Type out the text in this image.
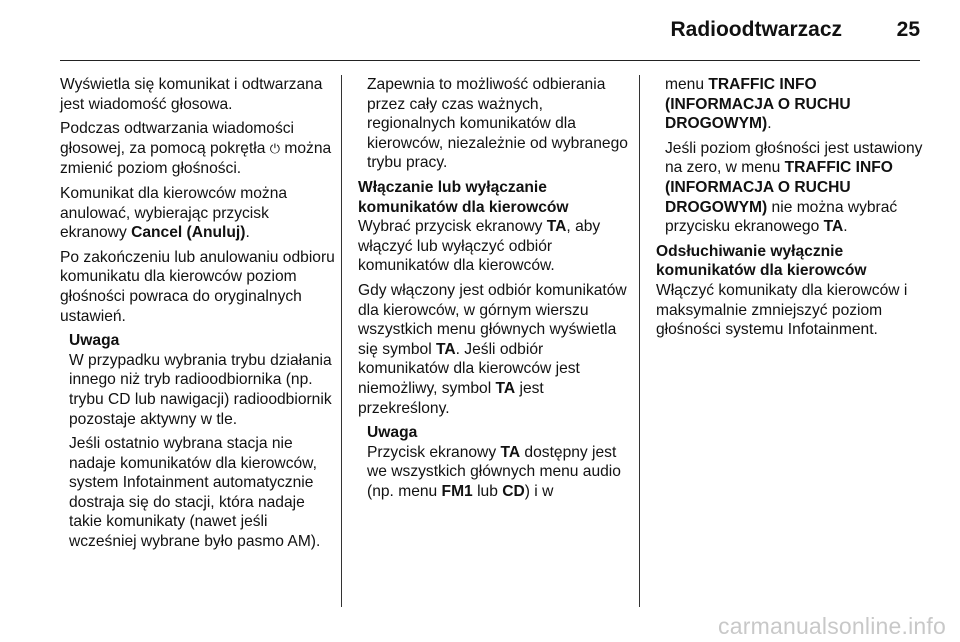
Radioodtwarzacz	25

Wyświetla się komunikat i odtwarzana jest wiadomość głosowa.

Podczas odtwarzania wiadomości głosowej, za pomocą pokrętła ⏻ można zmienić poziom głośności.

Komunikat dla kierowców można anulować, wybierając przycisk ekranowy Cancel (Anuluj).

Po zakończeniu lub anulowaniu odbioru komunikatu dla kierowców poziom głośności powraca do oryginalnych ustawień.

Uwaga

W przypadku wybrania trybu działania innego niż tryb radioodbiornika (np. trybu CD lub nawigacji) radioodbiornik pozostaje aktywny w tle.

Jeśli ostatnio wybrana stacja nie nadaje komunikatów dla kierowców, system Infotainment automatycznie dostraja się do stacji, która nadaje takie komunikaty (nawet jeśli wcześniej wybrane było pasmo AM).

Zapewnia to możliwość odbierania przez cały czas ważnych, regionalnych komunikatów dla kierowców, niezależnie od wybranego trybu pracy.

Włączanie lub wyłączanie komunikatów dla kierowców

Wybrać przycisk ekranowy TA, aby włączyć lub wyłączyć odbiór komunikatów dla kierowców.

Gdy włączony jest odbiór komunikatów dla kierowców, w górnym wierszu wszystkich menu głównych wyświetla się symbol TA. Jeśli odbiór komunikatów dla kierowców jest niemożliwy, symbol TA jest przekreślony.

Uwaga

Przycisk ekranowy TA dostępny jest we wszystkich głównych menu audio (np. menu FM1 lub CD) i w

menu TRAFFIC INFO (INFORMACJA O RUCHU DROGOWYM).

Jeśli poziom głośności jest ustawiony na zero, w menu TRAFFIC INFO (INFORMACJA O RUCHU DROGOWYM) nie można wybrać przycisku ekranowego TA.

Odsłuchiwanie wyłącznie komunikatów dla kierowców

Włączyć komunikaty dla kierowców i maksymalnie zmniejszyć poziom głośności systemu Infotainment.

carmanualsonline.info
